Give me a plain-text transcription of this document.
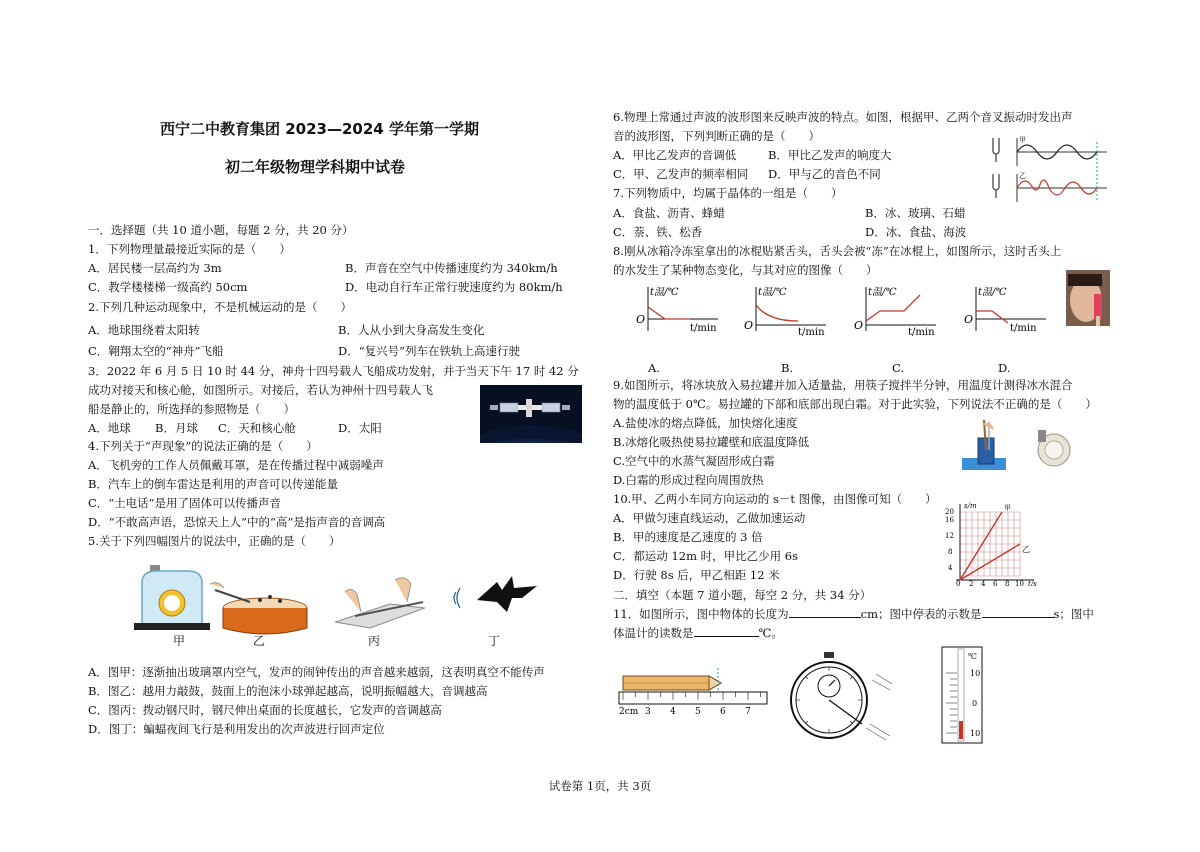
西宁二中教育集团 2023—2024 学年第一学期
初二年级物理学科期中试卷
一．选择题（共 10 道小题，每题 2 分，共 20 分）
1．下列物理量最接近实际的是（　　）
A．居民楼一层高约为 3m	B．声音在空气中传播速度约为 340km/h
C．教学楼楼梯一级高约 50cm	D．电动自行车正常行驶速度约为 80km/h
2.下列几种运动现象中，不是机械运动的是（　　）
A．地球围绕着太阳转	B．人从小到大身高发生变化
C．翱翔太空的“神舟”飞船	D．“复兴号”列车在铁轨上高速行驶
3．2022 年 6 月 5 日 10 时 44 分，神舟十四号载人飞船成功发射，并于当天下午 17 时 42 分
成功对接天和核心舱，如图所示。对接后，若认为神州十四号载人飞
船是静止的，所选择的参照物是（　　）
A．地球 B．月球 C．天和核心舱	D．太阳
4.下列关于“声现象”的说法正确的是（　　）
A．飞机旁的工作人员佩戴耳罩，是在传播过程中减弱噪声
B．汽车上的倒车雷达是利用的声音可以传递能量
C．“土电话”是用了固体可以传播声音
D．“不敢高声语，恐惊天上人”中的“高”是指声音的音调高
5.关于下列四幅图片的说法中，正确的是（　　）
甲	乙	丙	丁
A．图甲：逐渐抽出玻璃罩内空气，发声的闹钟传出的声音越来越弱，这表明真空不能传声
B．图乙：越用力敲鼓，鼓面上的泡沫小球弹起越高，说明振幅越大，音调越高
C．图丙：拨动钢尺时，钢尺伸出桌面的长度越长，它发声的音调越高
D．图丁：蝙蝠夜间飞行是利用发出的次声波进行回声定位
6.物理上常通过声波的波形图来反映声波的特点。如图，根据甲、乙两个音叉振动时发出声
音的波形图，下列判断正确的是（　　）
A．甲比乙发声的音调低	B．甲比乙发声的响度大
C．甲、乙发声的频率相同 D．甲与乙的音色不同
甲
乙
7.下列物质中，均属于晶体的一组是（　　）
A．食盐、沥青、蜂蜡	B．冰、玻璃、石蜡
C．萘、铁、松香	D．冰、食盐、海波
8.刚从冰箱冷冻室拿出的冰棍贴紧舌头，舌头会被“冻”在冰棍上，如图所示，这时舌头上
的水发生了某种物态变化，与其对应的图像（　　）
t温/℃
O
t/min
t温/℃
O
t/min
t温/℃
O
t/min
t温/℃
O
t/min
A.	B.	C.	D.
9.如图所示，将冰块放入易拉罐并加入适量盐，用筷子搅拌半分钟，用温度计测得冰水混合
物的温度低于 0℃。易拉罐的下部和底部出现白霜。对于此实验，下列说法不正确的是（　　）
A.盐使冰的熔点降低，加快熔化速度
B.冰熔化吸热使易拉罐壁和底温度降低
C.空气中的水蒸气凝固形成白霜
D.白霜的形成过程向周围放热
10.甲、乙两小车同方向运动的 s－t 图像，由图像可知（　　）
A．甲做匀速直线运动，乙做加速运动
B．甲的速度是乙速度的 3 倍
C．都运动 12m 时，甲比乙少用 6s
D．行驶 8s 后，甲乙相距 12 米
s/m	甲
乙
t/s
4
8
12
16
20
0 2 4 6 8 10
二．填空（本题 7 道小题，每空 2 分，共 34 分）
11．如图所示，图中物体的长度为	cm；图中停表的示数是	s；图中
体温计的读数是	℃。
2cm 3 4 5 6 7
℃
10
0
10
试卷第 1页，共 3页
